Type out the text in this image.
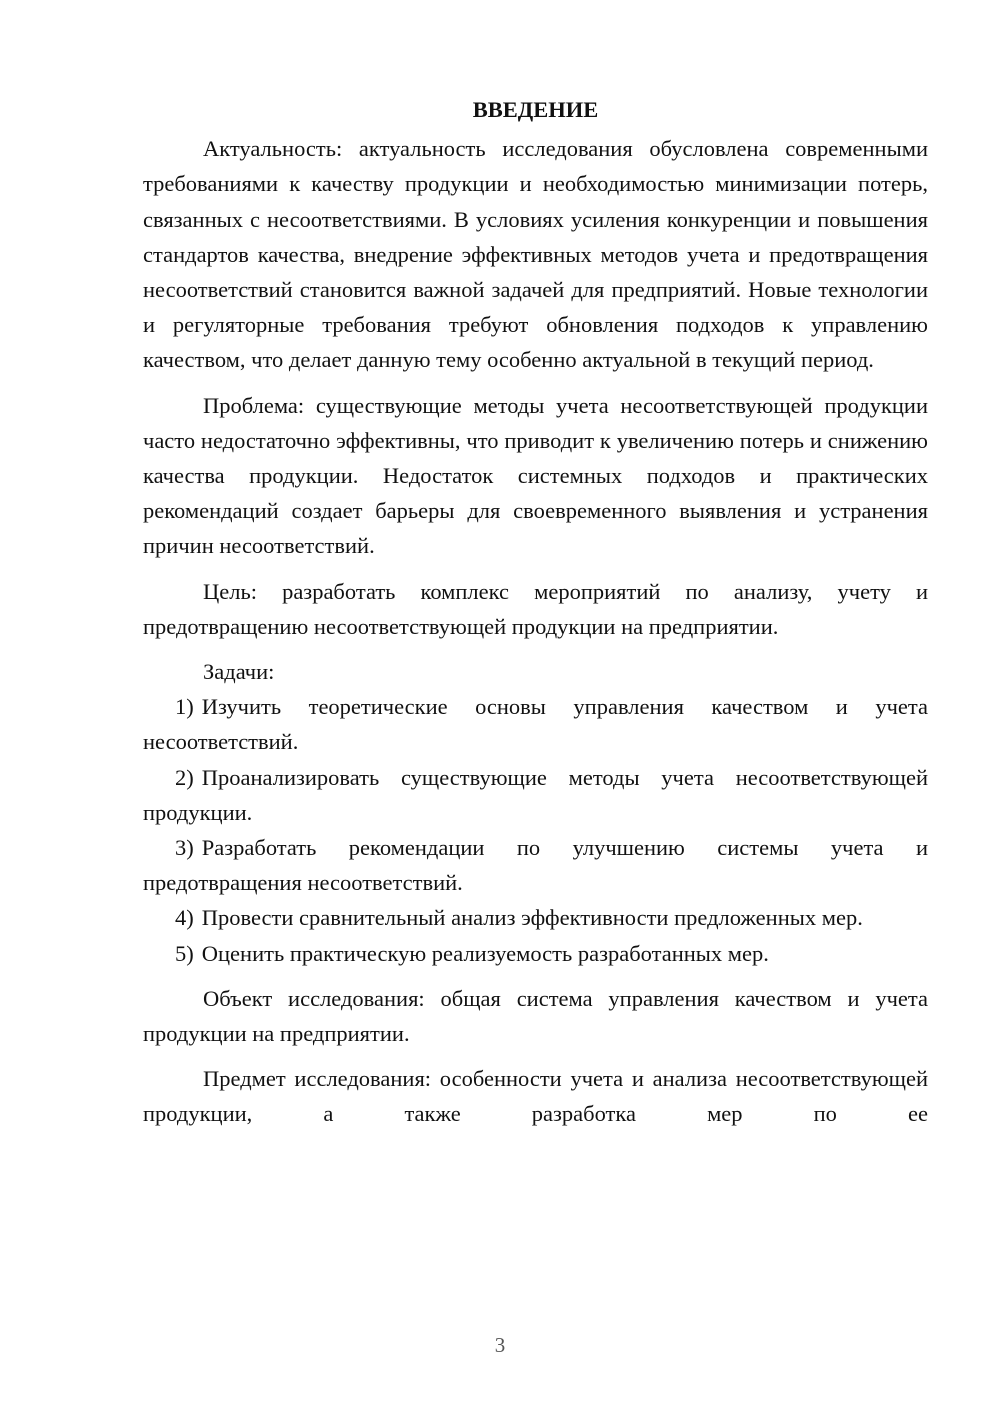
ВВЕДЕНИЕ

Актуальность: актуальность исследования обусловлена современными требованиями к качеству продукции и необходимостью минимизации потерь, связанных с несоответствиями. В условиях усиления конкуренции и повышения стандартов качества, внедрение эффективных методов учета и предотвращения несоответствий становится важной задачей для предприятий. Новые технологии и регуляторные требования требуют обновления подходов к управлению качеством, что делает данную тему особенно актуальной в текущий период.

Проблема: существующие методы учета несоответствующей продукции часто недостаточно эффективны, что приводит к увеличению потерь и снижению качества продукции. Недостаток системных подходов и практических рекомендаций создает барьеры для своевременного выявления и устранения причин несоответствий.

Цель: разработать комплекс мероприятий по анализу, учету и предотвращению несоответствующей продукции на предприятии.

Задачи:

1) Изучить теоретические основы управления качеством и учета несоответствий.

2) Проанализировать существующие методы учета несоответствующей продукции.

3) Разработать рекомендации по улучшению системы учета и предотвращения несоответствий.

4) Провести сравнительный анализ эффективности предложенных мер.

5) Оценить практическую реализуемость разработанных мер.

Объект исследования: общая система управления качеством и учета продукции на предприятии.

Предмет исследования: особенности учета и анализа несоответствующей продукции, а также разработка мер по ее

3
